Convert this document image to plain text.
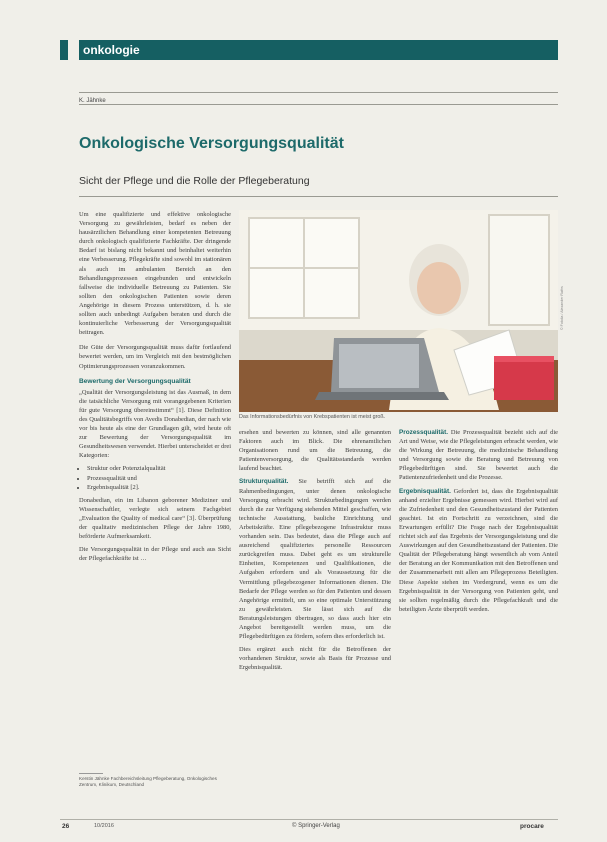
onkologie
K. Jähnke
Onkologische Versorgungsqualität
Sicht der Pflege und die Rolle der Pflegeberatung
© Fotolia / Alexander Raths
Das Informationsbedürfnis von Krebspatienten ist meist groß.

Um eine qualifizierte und effektive onkologische Versorgung zu gewährleisten, bedarf es neben der hausärztlichen Behandlung einer kompetenten Betreuung durch onkologisch qualifizierte Fachkräfte. Der dringende Bedarf ist bislang nicht bekannt und beinhaltet weiterhin eine Verbesserung. Pflegekräfte sind sowohl im stationären als auch im ambulanten Bereich an den Behandlungsprozessen eingebunden und entwickeln fallweise die individuelle Betreuung zu Patienten. Sie sollten den onkologischen Patienten sowie deren Angehörige in diesem Prozess unterstützen, d. h. sie sollten auch unbedingt Aufgaben beraten und durch die kontinuierliche Verbesserung der Versorgungsqualität beitragen.

Die Güte der Versorgungsqualität muss dafür fortlaufend bewertet werden, um im Vergleich mit den bestmöglichen Optimierungsprozessen voranzukommen.

Bewertung der Versorgungsqualität

„Qualität der Versorgungsleistung ist das Ausmaß, in dem die tatsächliche Versorgung mit vorangegebenen Kriterien für gute Versorgung übereinstimmt“ [1]. Diese Definition des Qualitätsbegriffs von Avedis Donabedian, der nach wie vor bis heute als eine der Grundlagen gilt, wird heute oft zur Bewertung der Versorgungsqualität im Gesundheitswesen verwendet. Hierbei unterscheidet er drei Kategorien:

• Struktur oder Potenzialqualität
• Prozessqualität und
• Ergebnisqualität [2].

Donabedian, ein im Libanon geborener Mediziner und Wissenschaftler, verlegte sich seinem Fachgebiet „Evaluation the Quality of medical care“ [3]. Überprüfung der qualitativ medizinischen Pflege der Jahre 1980, beförderte Aufmerksamkeit.

Die Versorgungsqualität in der Pflege und auch aus Sicht der Pflegefachkräfte ist …

ersehen und bewerten zu können, sind alle genannten Faktoren auch im Blick. Die ehrenamtlichen Organisationen rund um die Betreuung, die Patientenversorgung, die Qualitätsstandards werden laufend beachtet.

Strukturqualität. Sie betrifft sich auf die Rahmenbedingungen, unter denen onkologische Versorgung erbracht wird. Strukturbedingungen werden durch die zur Verfügung stehenden Mittel geschaffen, wie technische Ausstattung, bauliche Einrichtung und Arbeitskräfte. Eine pflegebezogene Infrastruktur muss vorhanden sein. Das bedeutet, dass die Pflege auch auf ausreichend qualifiziertes personelle Ressourcen zurückgreifen muss. Dabei geht es um strukturelle Einheiten, Kompetenzen und Qualifikationen, die Aufgaben erfordern und als Voraussetzung für die Vermittlung pflegebezogener Informationen dienen. Die Bedarfe der Pflege werden so für den Patienten und dessen Angehörige ermittelt, um so eine optimale Unterstützung zu gewährleisten. Sie lässt sich auf die Beratungsleistungen übertragen, so dass auch hier ein Angebot bereitgestellt werden muss, um die Pflegebedürftigen zu fördern, sofern dies erforderlich ist.

Dies ergänzt auch nicht für die Betroffenen der vorhandenen Struktur, sowie als Basis für Prozesse und Ergebnisqualität.

Prozessqualität. Die Prozessqualität bezieht sich auf die Art und Weise, wie die Pflegeleistungen erbracht werden, wie die Wirkung der Betreuung, die medizinische Behandlung und Versorgung sowie die Beratung und Betreuung von Pflegebedürftigen sind. Sie bewertet auch die Patientenzufriedenheit und die Prozesse.

Ergebnisqualität. Gefordert ist, dass die Ergebnisqualität anhand erzielter Ergebnisse gemessen wird. Hierbei wird auf die Zufriedenheit und den Gesundheitszustand der Patienten geachtet. Ist ein Fortschritt zu verzeichnen, sind die Erwartungen erfüllt? Die Frage nach der Ergebnisqualität richtet sich auf das Ergebnis der Versorgungsleistung und die Auswirkungen auf den Gesundheitszustand der Patienten. Die Qualität der Pflegeberatung hängt wesentlich ab vom Anteil der Beratung an der Kommunikation mit den Betroffenen und der Zusammenarbeit mit allen am Pflegeprozess Beteiligten. Diese Aspekte stehen im Vordergrund, wenn es um die Ergebnisqualität in der Versorgung von Patienten geht, und sie sollten regelmäßig durch die Pflegefachkraft und die beteiligten Ärzte überprüft werden.

Kerstin Jähnke Fachbereichsleitung Pflegeberatung, Onkologisches Zentrum, Klinikum, Deutschland
26	10/2016	© Springer-Verlag	procare
